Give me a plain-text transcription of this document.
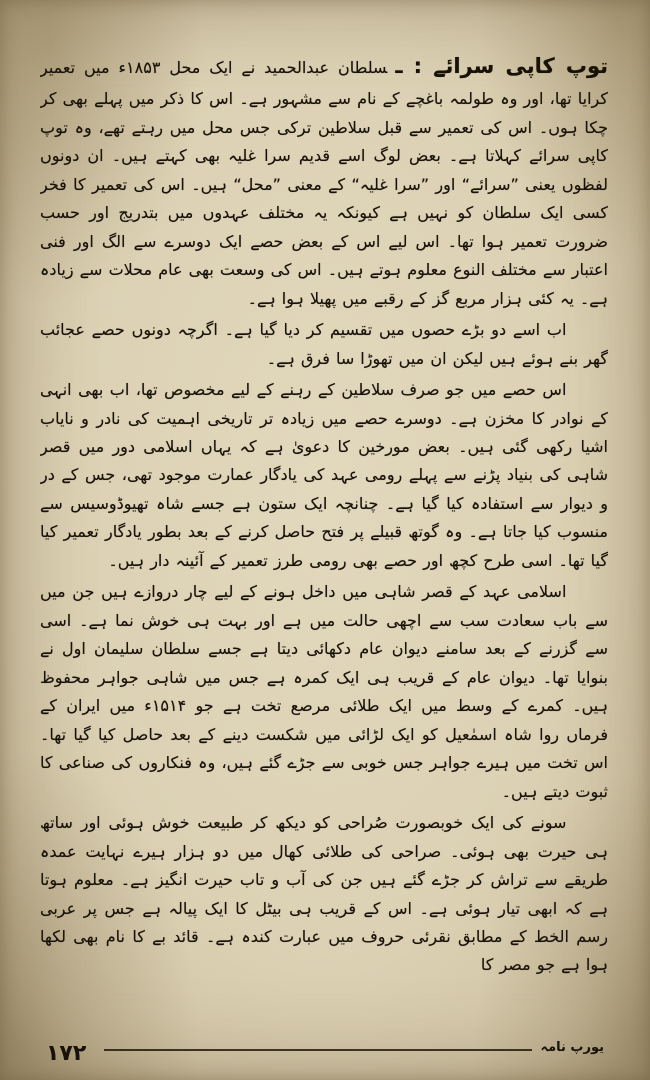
توپ کاپی سرائے : ـسلطان عبدالحمید نے ایک محل ۱۸۵۳ء میں تعمیر کرایا تھا، اور وہ طولمہ باغچے کے نام سے مشہور ہے۔ اس کا ذکر میں پہلے بھی کر چکا ہوں۔ اس کی تعمیر سے قبل سلاطین ترکی جس محل میں رہتے تھے، وہ توپ کاپی سرائے کہلاتا ہے۔ بعض لوگ اسے قدیم سرا غلیہ بھی کہتے ہیں۔ ان دونوں لفظوں یعنی ”سرائے“ اور ”سرا غلیہ“ کے معنی ”محل“ ہیں۔ اس کی تعمیر کا فخر کسی ایک سلطان کو نہیں ہے کیونکہ یہ مختلف عہدوں میں بتدریج اور حسب ضرورت تعمیر ہوا تھا۔ اس لیے اس کے بعض حصے ایک دوسرے سے الگ اور فنی اعتبار سے مختلف النوع معلوم ہوتے ہیں۔ اس کی وسعت بھی عام محلات سے زیادہ ہے۔ یہ کئی ہزار مربع گز کے رقبے میں پھیلا ہوا ہے۔

اب اسے دو بڑے حصوں میں تقسیم کر دیا گیا ہے۔ اگرچہ دونوں حصے عجائب گھر بنے ہوئے ہیں لیکن ان میں تھوڑا سا فرق ہے۔

اس حصے میں جو صرف سلاطین کے رہنے کے لیے مخصوص تھا، اب بھی انہی کے نوادر کا مخزن ہے۔ دوسرے حصے میں زیادہ تر تاریخی اہمیت کی نادر و نایاب اشیا رکھی گئی ہیں۔ بعض مورخین کا دعویٰ ہے کہ یہاں اسلامی دور میں قصر شاہی کی بنیاد پڑنے سے پہلے رومی عہد کی یادگار عمارت موجود تھی، جس کے در و دیوار سے استفادہ کیا گیا ہے۔ چنانچہ ایک ستون ہے جسے شاہ تھیوڈوسیس سے منسوب کیا جاتا ہے۔ وہ گوتھ قبیلے پر فتح حاصل کرنے کے بعد بطور یادگار تعمیر کیا گیا تھا۔ اسی طرح کچھ اور حصے بھی رومی طرز تعمیر کے آئینہ دار ہیں۔

اسلامی عہد کے قصر شاہی میں داخل ہونے کے لیے چار دروازے ہیں جن میں سے باب سعادت سب سے اچھی حالت میں ہے اور بہت ہی خوش نما ہے۔ اسی سے گزرنے کے بعد سامنے دیوان عام دکھائی دیتا ہے جسے سلطان سلیمان اول نے بنوایا تھا۔ دیوان عام کے قریب ہی ایک کمرہ ہے جس میں شاہی جواہر محفوظ ہیں۔ کمرے کے وسط میں ایک طلائی مرصع تخت ہے جو ۱۵۱۴ء میں ایران کے فرماں روا شاہ اسمٰعیل کو ایک لڑائی میں شکست دینے کے بعد حاصل کیا گیا تھا۔ اس تخت میں ہیرے جواہر جس خوبی سے جڑے گئے ہیں، وہ فنکاروں کی صناعی کا ثبوت دیتے ہیں۔

سونے کی ایک خوبصورت صُراحی کو دیکھ کر طبیعت خوش ہوئی اور ساتھ ہی حیرت بھی ہوئی۔ صراحی کی طلائی کھال میں دو ہزار ہیرے نہایت عمدہ طریقے سے تراش کر جڑے گئے ہیں جن کی آب و تاب حیرت انگیز ہے۔ معلوم ہوتا ہے کہ ابھی تیار ہوئی ہے۔ اس کے قریب ہی بیٹل کا ایک پیالہ ہے جس پر عربی رسم الخط کے مطابق نقرئی حروف میں عبارت کندہ ہے۔ قائد بے کا نام بھی لکھا ہوا ہے جو مصر کا

۱۷۲	یورپ نامہ
